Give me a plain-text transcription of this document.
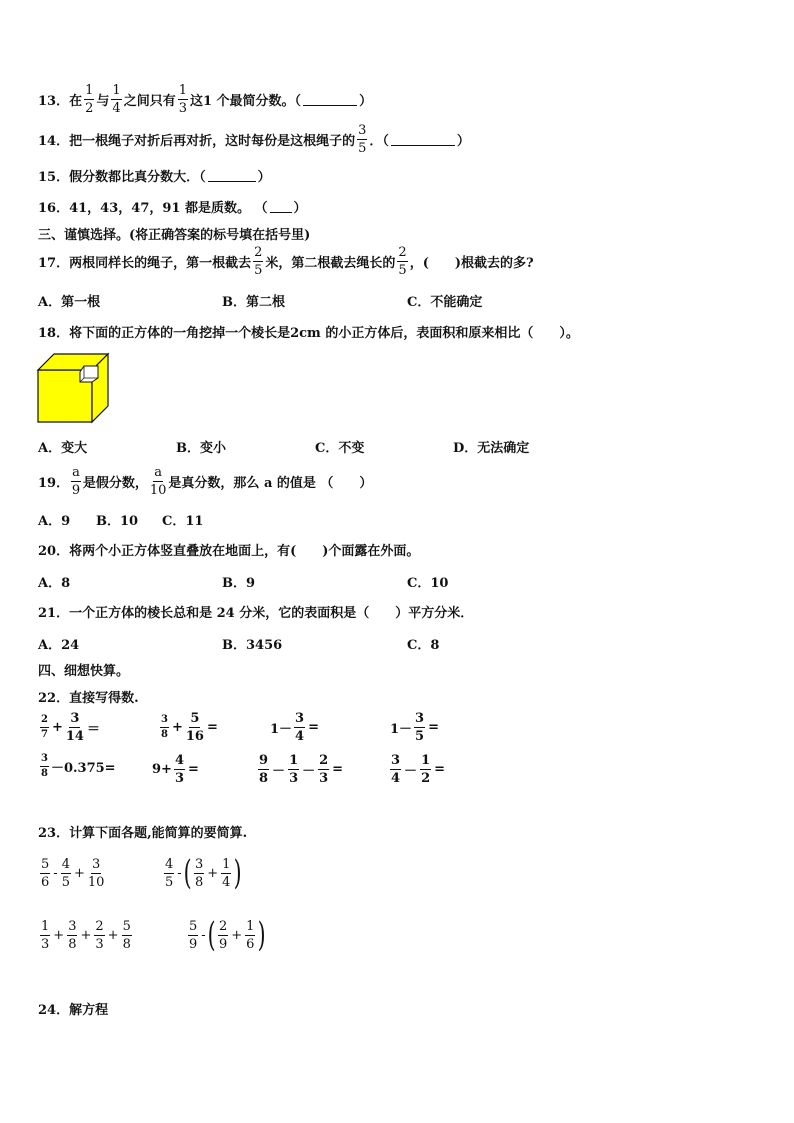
13． 在 $\frac{1}{2}$ 与 $\frac{1}{4}$ 之间只有 $\frac{1}{3}$ 这1 个最简分数。（	）
14． 把一根绳子对折后再对折，这时每份是这根绳子的 $\frac{3}{5}$ ．（	）
15． 假分数都比真分数大．（	）
16． 41，43，47，91 都是质数。 （ ）
三、谨慎选择。(将正确答案的标号填在括号里)
17． 两根同样长的绳子，第一根截去 $\frac{2}{5}$ 米，第二根截去绳长的 $\frac{2}{5}$ ，(　　)根截去的多?
A．第一根	B．第二根	C．不能确定
18． 将下面的正方体的一角挖掉一个棱长是2cm 的小正方体后，表面积和原来相比（　　）。
A．变大	B．变小	C．不变	D．无法确定
19． $\frac{a}{9}$ 是假分数， $\frac{a}{10}$ 是真分数，那么 a 的值是 （　　）
A．9 B．10 C．11
20． 将两个小正方体竖直叠放在地面上，有(　　)个面露在外面。
A．8	B．9	C．10
21． 一个正方体的棱长总和是 24 分米，它的表面积是（　　）平方分米．
A．24	B．3456	C．8
四、细想快算。
22． 直接写得数.
$\frac{2}{7} + \frac{3}{14}$ ＝	$\frac{3}{8} + \frac{5}{16}$ =	$1- \frac{3}{4}$ =	$1- \frac{3}{5}$ =
$\frac{3}{8} -0.375=$	$9+ \frac{4}{3}$ =	$\frac{9}{8} - \frac{1}{3} - \frac{2}{3}$ =	$\frac{3}{4} - \frac{1}{2}$ =
23． 计算下面各题,能简算的要简算.
$\frac{5}{6} - \frac{4}{5} + \frac{3}{10}$	$\frac{4}{5}$ - ( $\frac{3}{8} + \frac{1}{4}$ )
$\frac{1}{3} + \frac{3}{8} + \frac{2}{3} + \frac{5}{8}$	$\frac{5}{9}$ - ( $\frac{2}{9} + \frac{1}{6}$ )
24． 解方程
